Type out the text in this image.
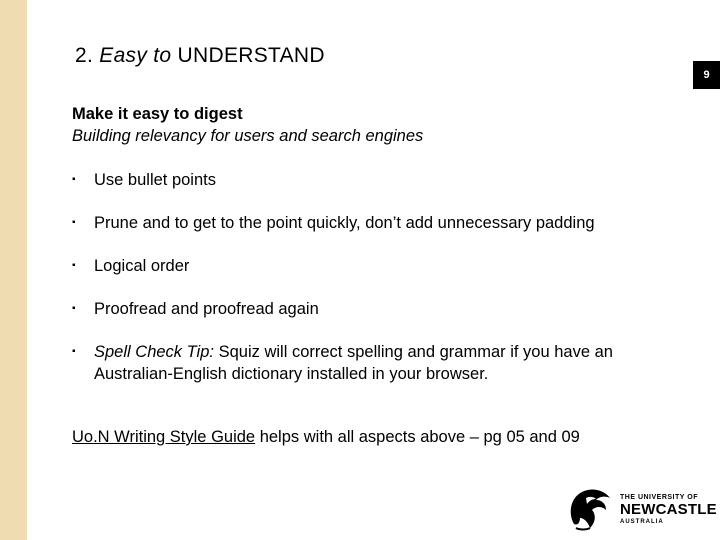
2. Easy to UNDERSTAND
9
Make it easy to digest
Building relevancy for users and search engines
▪ Use bullet points
▪ Prune and to get to the point quickly, don’t add unnecessary padding
▪ Logical order
▪ Proofread and proofread again
▪ Spell Check Tip: Squiz will correct spelling and grammar if you have an
Australian-English dictionary installed in your browser.
Uo.N Writing Style Guide helps with all aspects above – pg 05 and 09
THE UNIVERSITY OF
NEWCASTLE
AUSTRALIA
